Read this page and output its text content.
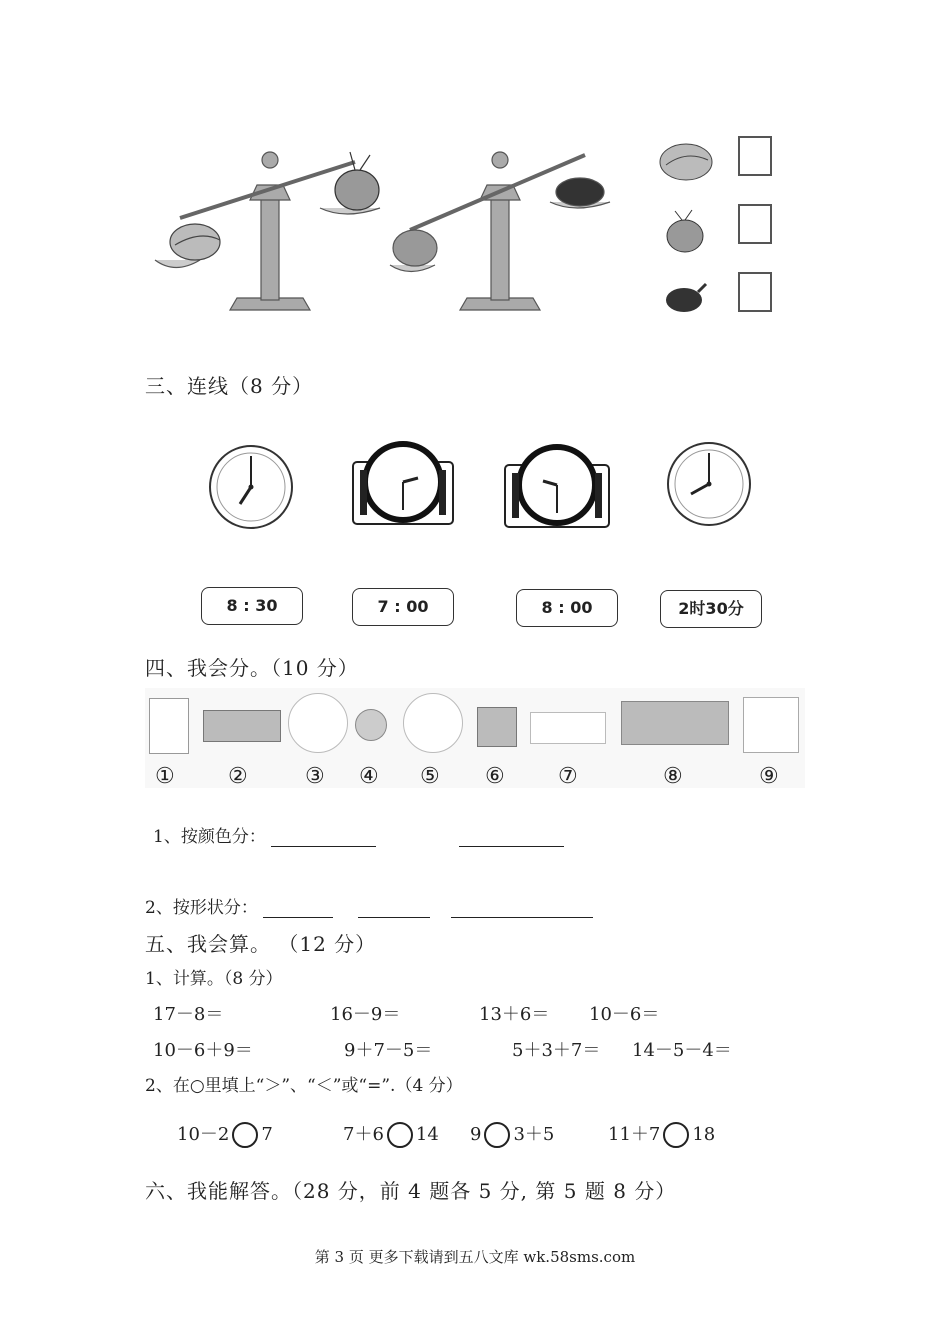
三、连线（8 分）
8 : 30	7 : 00	8 : 00	2时30分
四、我会分。（10 分）
① ②	③ ④ ⑤ ⑥ ⑦	⑧	⑨
1、按颜色分：
2、按形状分：
五、我会算。 （12 分）
1、计算。（8 分）
17－8＝	16－9＝	13＋6＝ 10－6＝
10－6＋9＝	9＋7－5＝	5＋3＋7＝ 14－5－4＝
2、在○里填上“＞”、“＜”或“=”.（4 分）
10－2 7	7＋6 14 9 3＋5	11＋7 18
六、我能解答。（28 分，前 4 题各 5 分, 第 5 题 8 分）
第 3 页 更多下载请到五八文库 wk.58sms.com
